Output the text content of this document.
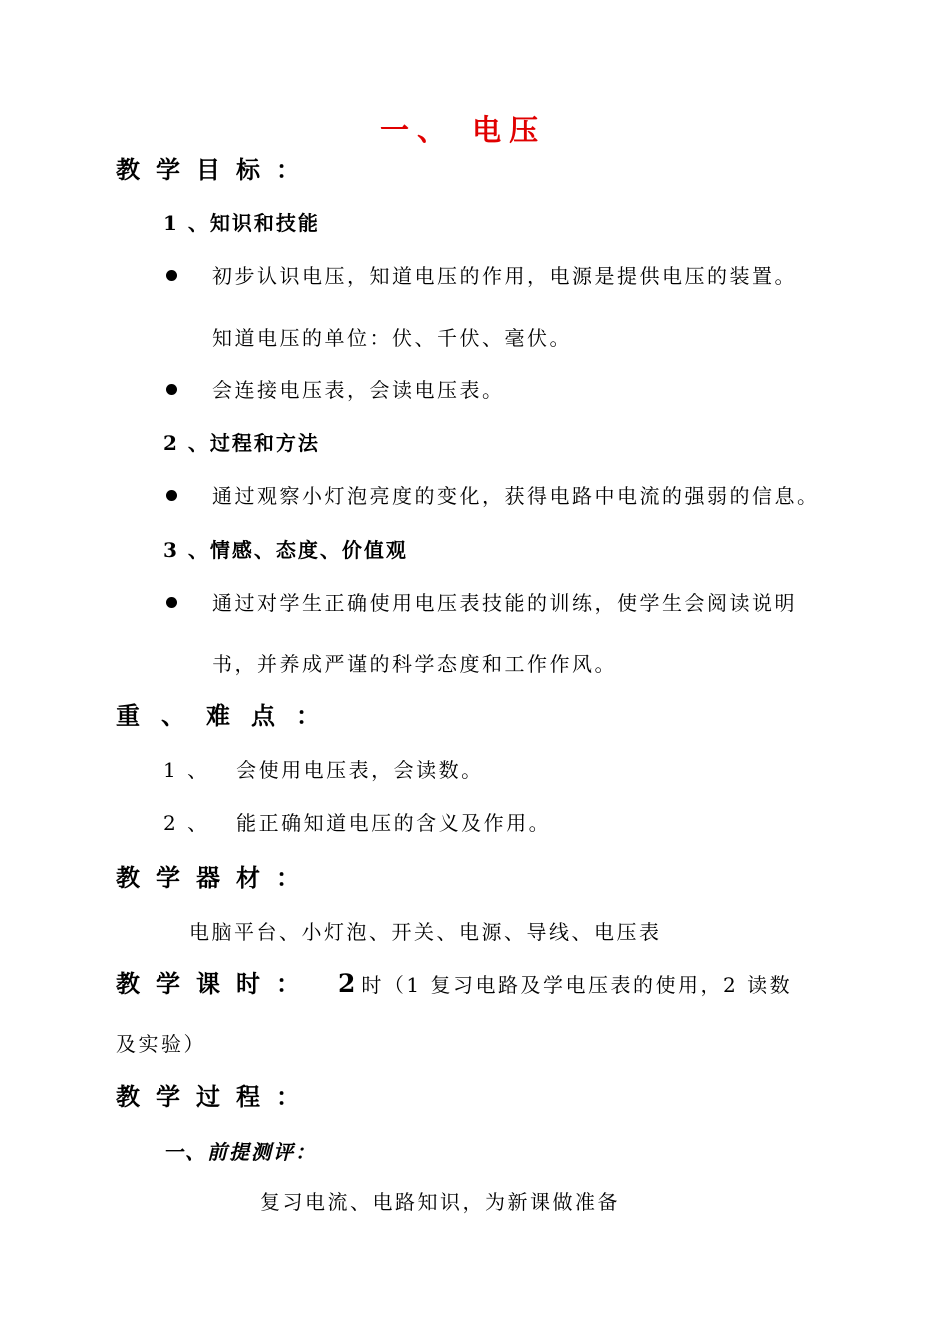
一、 电压
教学目标：
1 、知识和技能
初步认识电压，知道电压的作用，电源是提供电压的装置。
知道电压的单位：伏、千伏、毫伏。
会连接电压表，会读电压表。
2 、过程和方法
通过观察小灯泡亮度的变化，获得电路中电流的强弱的信息。
3 、情感、态度、价值观
通过对学生正确使用电压表技能的训练，使学生会阅读说明
书，并养成严谨的科学态度和工作作风。
重、难点：
1 、   会使用电压表，会读数。
2 、   能正确知道电压的含义及作用。
教学器材：
电脑平台、小灯泡、开关、电源、导线、电压表
教学课时： 2 时（1 复习电路及学电压表的使用，2 读数
及实验）
教学过程：
一、前提测评：
复习电流、电路知识，为新课做准备
